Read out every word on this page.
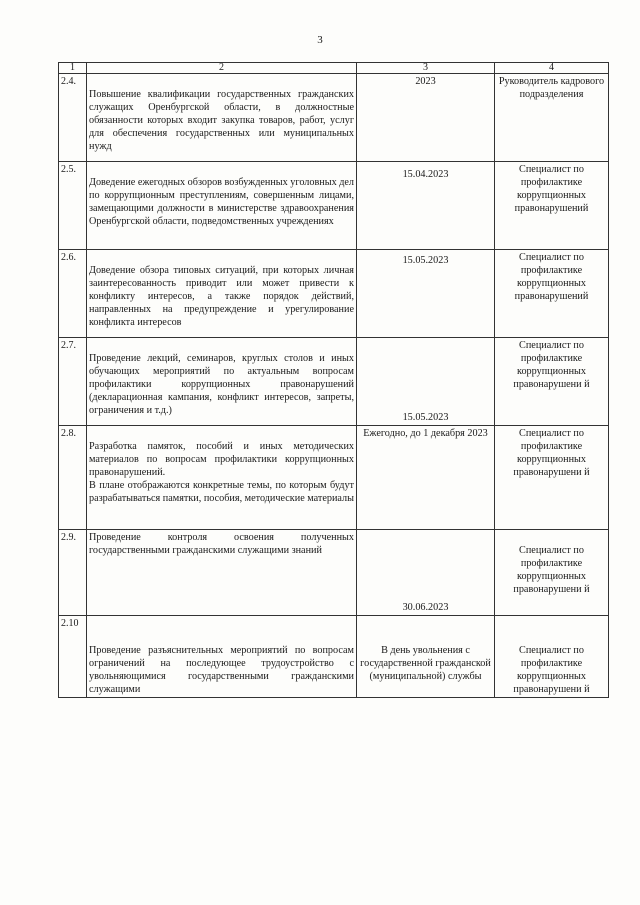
3
1	2	3	4
2.4.	Повышение квалификации государственных гражданских служащих Оренбургской области, в должностные обязанности которых входит закупка товаров, работ, услуг для обеспечения государственных или муниципальных нужд	2023	Руководитель кадрового подразделения
2.5.	Доведение ежегодных обзоров возбужденных уголовных дел по коррупционным преступлениям, совершенным лицами, замещающими должности в министерстве здравоохранения Оренбургской области, подведомственных учреждениях	15.04.2023	Специалист по профилактике коррупционных правонарушений
2.6.	Доведение обзора типовых ситуаций, при которых личная заинтересованность приводит или может привести к конфликту интересов, а также порядок действий, направленных на предупреждение и урегулирование конфликта интересов	15.05.2023	Специалист по профилактике коррупционных правонарушений
2.7.	Проведение лекций, семинаров, круглых столов и иных обучающих мероприятий по актуальным вопросам профилактики коррупционных правонарушений (декларационная кампания, конфликт интересов, запреты, ограничения и т.д.)	15.05.2023	Специалист по профилактике коррупционных правонарушени й
2.8.	Разработка памяток, пособий и иных методических материалов по вопросам профилактики коррупционных правонарушений.
В плане отображаются конкретные темы, по которым будут разрабатываться памятки, пособия, методические материалы	Ежегодно, до 1 декабря 2023	Специалист по профилактике коррупционных правонарушени й
2.9.	Проведение контроля освоения полученных государственными гражданскими служащими знаний	30.06.2023	Специалист по профилактике коррупционных правонарушени й
2.10	Проведение разъяснительных мероприятий по вопросам ограничений на последующее трудоустройство с увольняющимися государственными гражданскими служащими	В день увольнения с государственной гражданской (муниципальной) службы	Специалист по профилактике коррупционных правонарушени й
